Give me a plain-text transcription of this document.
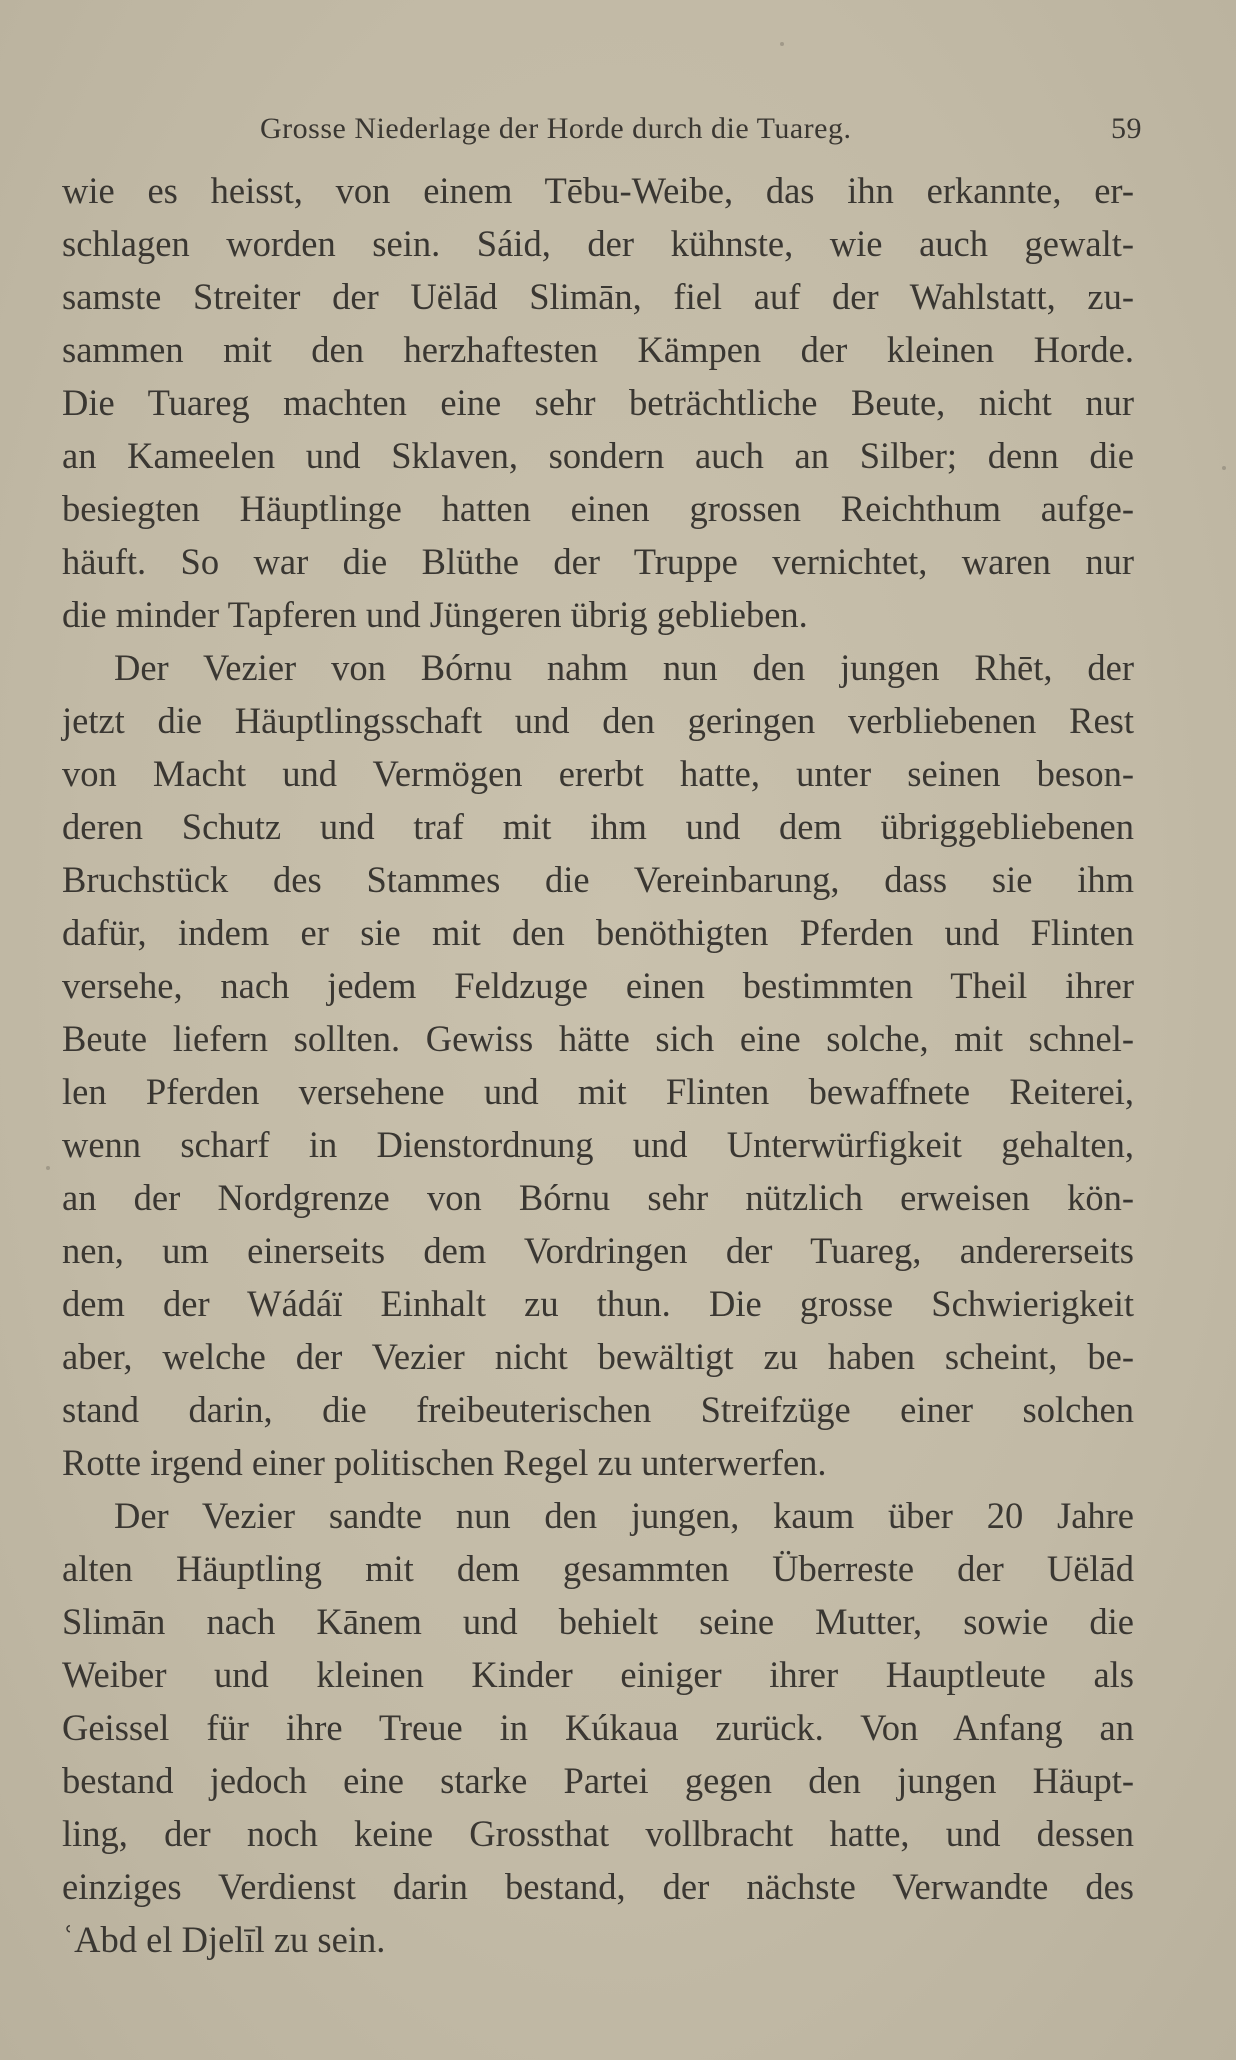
Grosse Niederlage der Horde durch die Tuareg.	59
wie es heisst, von einem Tēbu-Weibe, das ihn erkannte, er-
schlagen worden sein. Sáid, der kühnste, wie auch gewalt-
samste Streiter der Uëlād Slimān, fiel auf der Wahlstatt, zu-
sammen mit den herzhaftesten Kämpen der kleinen Horde.
Die Tuareg machten eine sehr beträchtliche Beute, nicht nur
an Kameelen und Sklaven, sondern auch an Silber; denn die
besiegten Häuptlinge hatten einen grossen Reichthum aufge-
häuft. So war die Blüthe der Truppe vernichtet, waren nur
die minder Tapferen und Jüngeren übrig geblieben.
Der Vezier von Bórnu nahm nun den jungen Rhēt, der
jetzt die Häuptlingsschaft und den geringen verbliebenen Rest
von Macht und Vermögen ererbt hatte, unter seinen beson-
deren Schutz und traf mit ihm und dem übriggebliebenen
Bruchstück des Stammes die Vereinbarung, dass sie ihm
dafür, indem er sie mit den benöthigten Pferden und Flinten
versehe, nach jedem Feldzuge einen bestimmten Theil ihrer
Beute liefern sollten. Gewiss hätte sich eine solche, mit schnel-
len Pferden versehene und mit Flinten bewaffnete Reiterei,
wenn scharf in Dienstordnung und Unterwürfigkeit gehalten,
an der Nordgrenze von Bórnu sehr nützlich erweisen kön-
nen, um einerseits dem Vordringen der Tuareg, andererseits
dem der Wádáï Einhalt zu thun. Die grosse Schwierigkeit
aber, welche der Vezier nicht bewältigt zu haben scheint, be-
stand darin, die freibeuterischen Streifzüge einer solchen
Rotte irgend einer politischen Regel zu unterwerfen.
Der Vezier sandte nun den jungen, kaum über 20 Jahre
alten Häuptling mit dem gesammten Überreste der Uëlād
Slimān nach Kānem und behielt seine Mutter, sowie die
Weiber und kleinen Kinder einiger ihrer Hauptleute als
Geissel für ihre Treue in Kúkaua zurück. Von Anfang an
bestand jedoch eine starke Partei gegen den jungen Häupt-
ling, der noch keine Grossthat vollbracht hatte, und dessen
einziges Verdienst darin bestand, der nächste Verwandte des
ʿAbd el Djelīl zu sein.
